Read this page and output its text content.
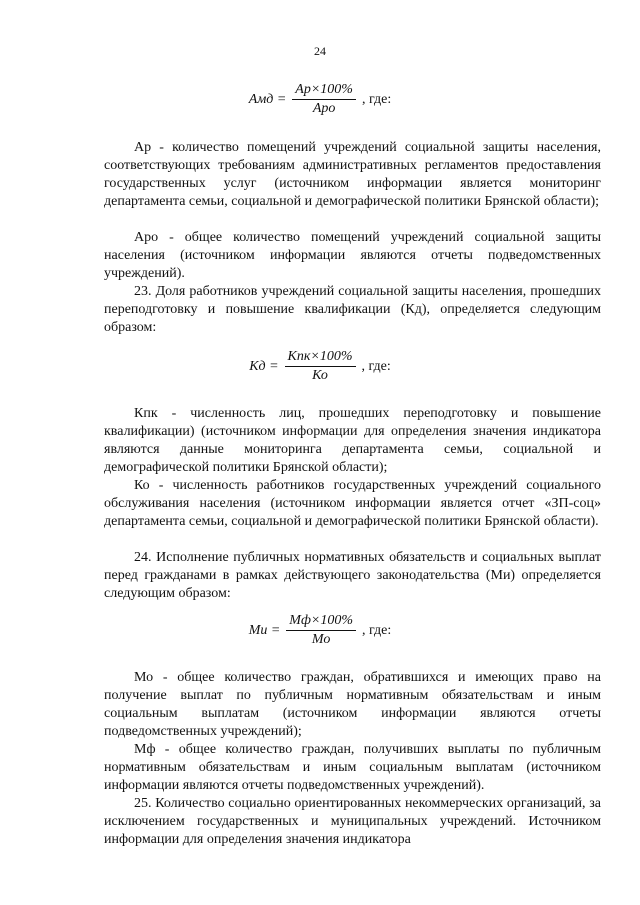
24
Амд = $\frac{Ар\times 100\%}{\text{Аро}}$ , где:

Ар - количество помещений учреждений социальной защиты населения, соответствующих требованиям административных регламентов предоставления государственных услуг (источником информации является мониторинг департамента семьи, социальной и демографической политики Брянской области);

Аро - общее количество помещений учреждений социальной защиты населения (источником информации являются отчеты подведомственных учреждений).

23. Доля работников учреждений социальной защиты населения, прошедших переподготовку и повышение квалификации (Кд), определяется следующим образом:

Кд = $\frac{\text{Кпк×100\%}}{Ко}$ , где:

Кпк - численность лиц, прошедших переподготовку и повышение квалификации) (источником информации для определения значения индикатора являются данные мониторинга департамента семьи, социальной и демографической политики Брянской области);

Ко - численность работников государственных учреждений социального обслуживания населения (источником информации является отчет «ЗП-соц» департамента семьи, социальной и демографической политики Брянской области).

24. Исполнение публичных нормативных обязательств и социальных выплат перед гражданами в рамках действующего законодательства (Ми) определяется следующим образом:

Ми = $\frac{Мф\times 100\%}{Мо}$ , где:

Мо - общее количество граждан, обратившихся и имеющих право на получение выплат по публичным нормативным обязательствам и иным социальным выплатам (источником информации являются отчеты подведомственных учреждений);

Мф - общее количество граждан, получивших выплаты по публичным нормативным обязательствам и иным социальным выплатам (источником информации являются отчеты подведомственных учреждений).

25. Количество социально ориентированных некоммерческих организаций, за исключением государственных и муниципальных учреждений. Источником информации для определения значения индикатора
